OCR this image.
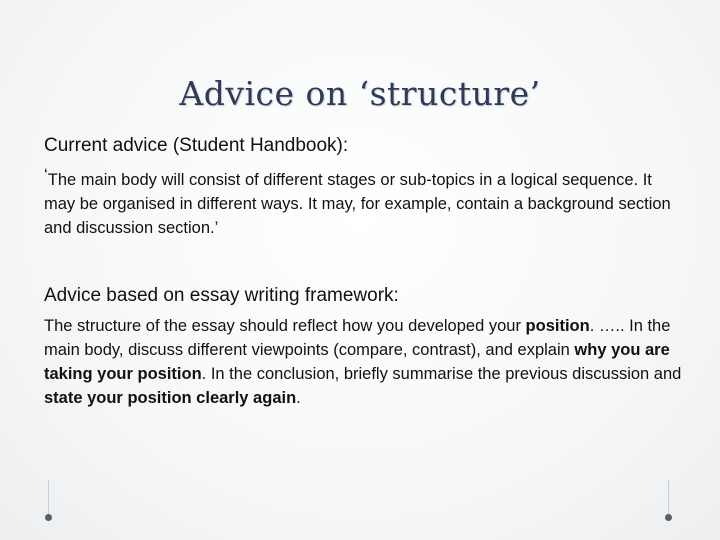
Advice on ‘structure’
Current advice (Student Handbook):
‘The main body will consist of different stages or sub-topics in a logical sequence. It may be organised in different ways. It may, for example, contain a background section and discussion section.’
Advice based on essay writing framework:
The structure of the essay should reflect how you developed your position. ….. In the main body, discuss different viewpoints (compare, contrast), and explain why you are taking your position. In the conclusion, briefly summarise the previous discussion and state your position clearly again.
